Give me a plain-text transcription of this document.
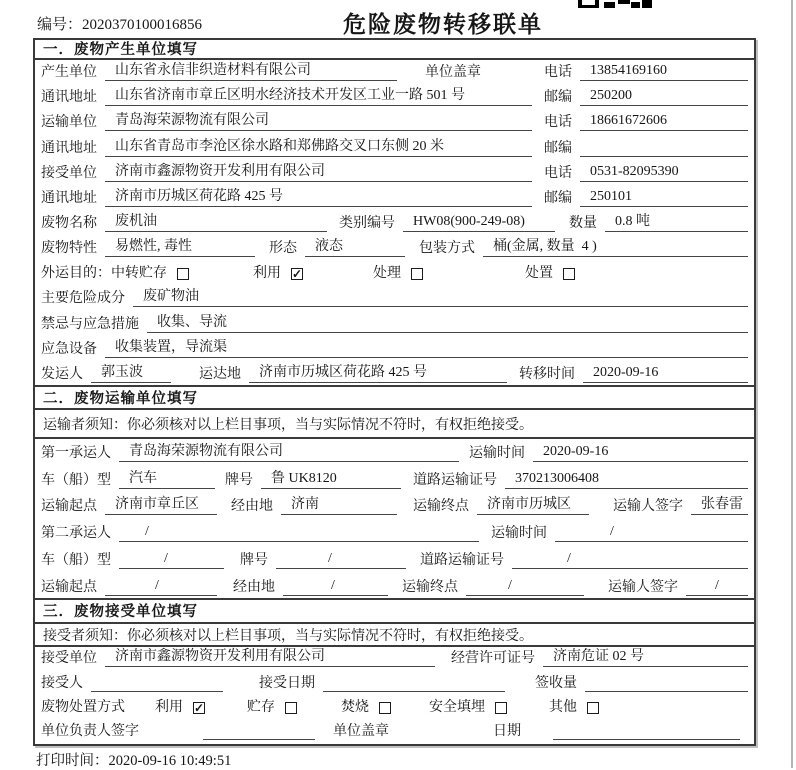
编号：2020370100016856	危险废物转移联单
一．废物产生单位填写
产生单位	山东省永信非织造材料有限公司	单位盖章	电话	13854169160
通讯地址	山东省济南市章丘区明水经济技术开发区工业一路 501 号	邮编	250200
运输单位	青岛海荣源物流有限公司	电话	18661672606
通讯地址	山东省青岛市李沧区徐水路和郑佛路交叉口东侧 20 米	邮编
接受单位	济南市鑫源物资开发利用有限公司	电话	0531-82095390
通讯地址	济南市历城区荷花路 425 号	邮编	250101
废物名称	废机油	类别编号	HW08(900-249-08)	数量	0.8 吨
废物特性	易燃性, 毒性	形态	液态	包装方式	桶(金属, 数量  4 )
外运目的： 中转贮存	利用 ✓	处理	处置
主要危险成分	废矿物油
禁忌与应急措施	收集、导流
应急设备	收集装置，导流渠
发运人	郭玉波	运达地	济南市历城区荷花路 425 号	转移时间	2020-09-16
二．废物运输单位填写
运输者须知：你必须核对以上栏目事项，当与实际情况不符时，有权拒绝接受。
第一承运人	青岛海荣源物流有限公司	运输时间	2020-09-16
车（船）型	汽车	牌号	鲁 UK8120	道路运输证号	370213006408
运输起点	济南市章丘区	经由地	济南	运输终点	济南市历城区	运输人签字	张春雷
第二承运人	/	运输时间	/
车（船）型	/	牌号	/	道路运输证号	/
运输起点	/	经由地	/	运输终点	/	运输人签字	/
三．废物接受单位填写
接受者须知：你必须核对以上栏目事项，当与实际情况不符时，有权拒绝接受。
接受单位	济南市鑫源物资开发利用有限公司	经营许可证号	济南危证 02 号
接受人	接受日期	签收量
废物处置方式 利用 ✓	贮存	焚烧	安全填埋	其他
单位负责人签字	单位盖章	日期
打印时间：2020-09-16 10:49:51
